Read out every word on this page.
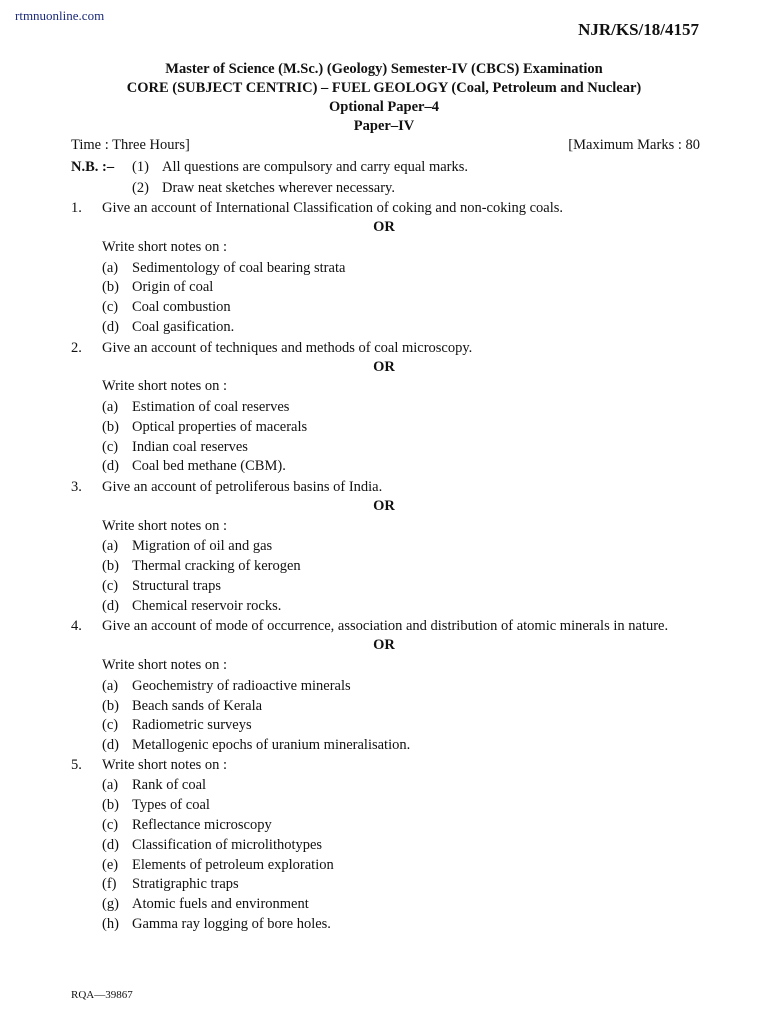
rtmnuonline.com
NJR/KS/18/4157
Master of Science (M.Sc.) (Geology) Semester-IV (CBCS) Examination
CORE (SUBJECT CENTRIC) – FUEL GEOLOGY (Coal, Petroleum and Nuclear)
Optional Paper–4
Paper–IV
Time : Three Hours]	[Maximum Marks : 80
N.B. :– (1) All questions are compulsory and carry equal marks.
(2) Draw neat sketches wherever necessary.
1. Give an account of International Classification of coking and non-coking coals.
OR
Write short notes on :
(a) Sedimentology of coal bearing strata
(b) Origin of coal
(c) Coal combustion
(d) Coal gasification.
2. Give an account of techniques and methods of coal microscopy.
OR
Write short notes on :
(a) Estimation of coal reserves
(b) Optical properties of macerals
(c) Indian coal reserves
(d) Coal bed methane (CBM).
3. Give an account of petroliferous basins of India.
OR
Write short notes on :
(a) Migration of oil and gas
(b) Thermal cracking of kerogen
(c) Structural traps
(d) Chemical reservoir rocks.
4. Give an account of mode of occurrence, association and distribution of atomic minerals in nature.
OR
Write short notes on :
(a) Geochemistry of radioactive minerals
(b) Beach sands of Kerala
(c) Radiometric surveys
(d) Metallogenic epochs of uranium mineralisation.
5. Write short notes on :
(a) Rank of coal
(b) Types of coal
(c) Reflectance microscopy
(d) Classification of microlithotypes
(e) Elements of petroleum exploration
(f) Stratigraphic traps
(g) Atomic fuels and environment
(h) Gamma ray logging of bore holes.
RQA—39867
